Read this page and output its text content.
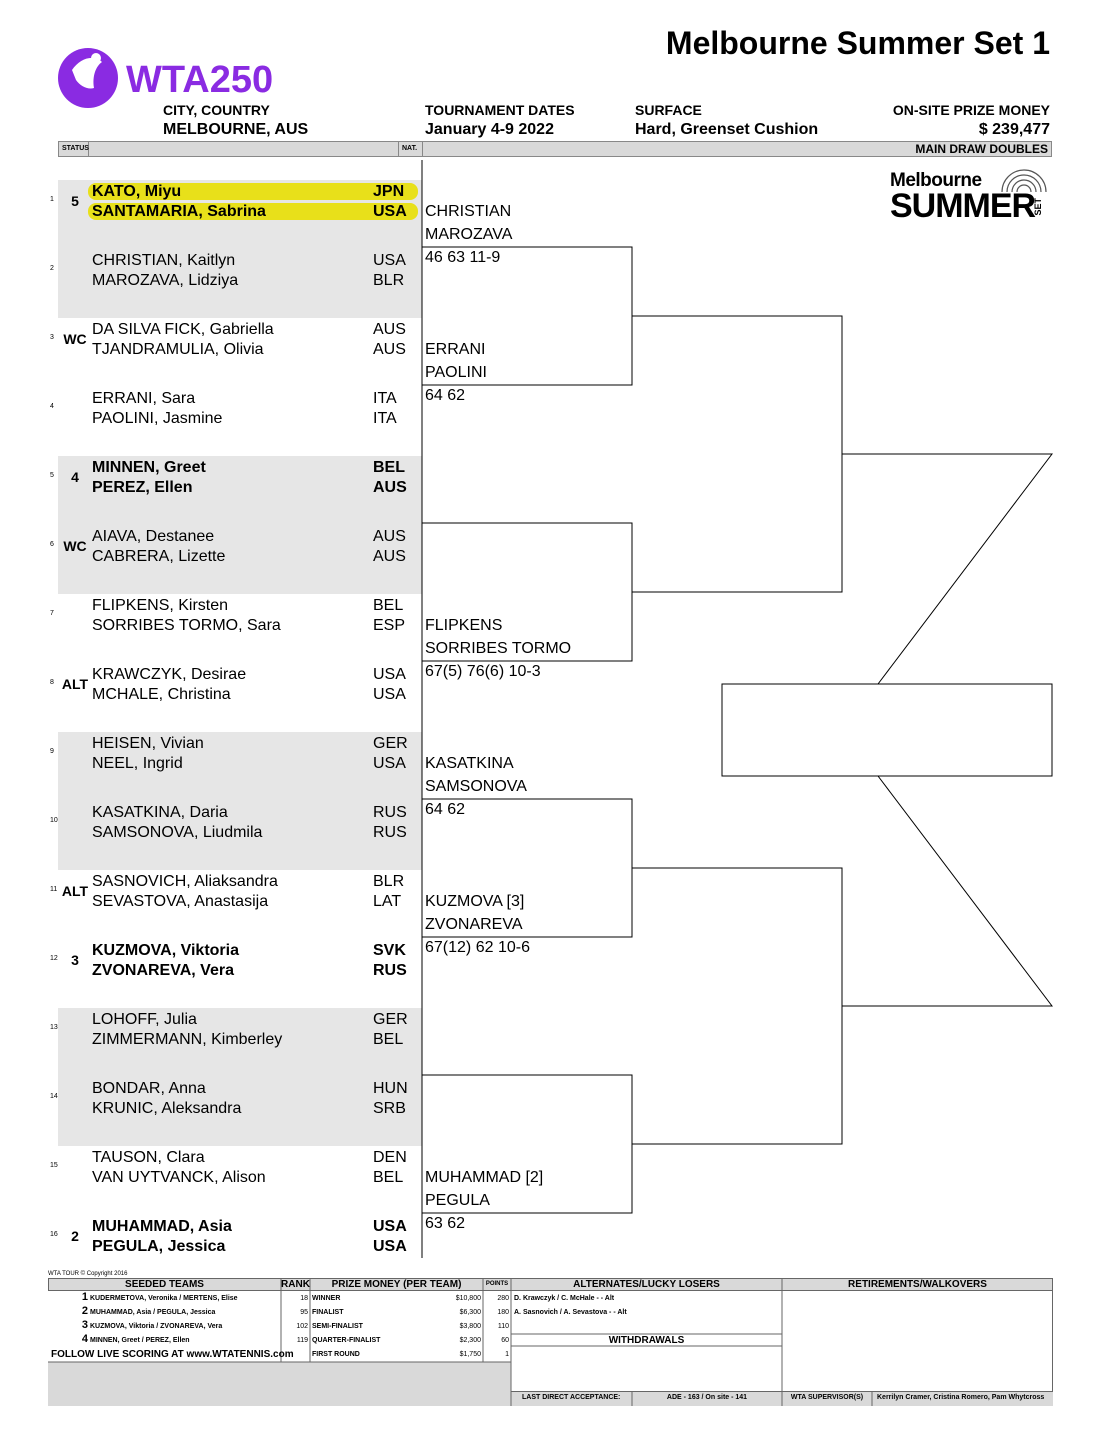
WTA250
Melbourne Summer Set 1
CITY, COUNTRY
MELBOURNE, AUS
TOURNAMENT DATES
January 4-9 2022
SURFACE
Hard, Greenset Cushion
ON-SITE PRIZE MONEY
$ 239,477
STATUS	NAT.	MAIN DRAW DOUBLES
Melbourne
SUMMER
SET
1	5
KATO, Miyu	JPN
SANTAMARIA, Sabrina	USA
2 CHRISTIAN, Kaitlyn	USA
MAROZAVA, Lidziya	BLR
3 WC
DA SILVA FICK, Gabriella	AUS
TJANDRAMULIA, Olivia	AUS
4 ERRANI, Sara	ITA
PAOLINI, Jasmine	ITA
5	4
MINNEN, Greet	BEL
PEREZ, Ellen	AUS
6 WC
AIAVA, Destanee	AUS
CABRERA, Lizette	AUS
7 FLIPKENS, Kirsten	BEL
SORRIBES TORMO, Sara	ESP
8 ALT
KRAWCZYK, Desirae	USA
MCHALE, Christina	USA
9 HEISEN, Vivian	GER
NEEL, Ingrid	USA
10 KASATKINA, Daria	RUS
SAMSONOVA, Liudmila	RUS
11 ALT
SASNOVICH, Aliaksandra	BLR
SEVASTOVA, Anastasija	LAT
12 3
KUZMOVA, Viktoria	SVK
ZVONAREVA, Vera	RUS
13 LOHOFF, Julia	GER
ZIMMERMANN, Kimberley	BEL
14 BONDAR, Anna	HUN
KRUNIC, Aleksandra	SRB
15 TAUSON, Clara	DEN
VAN UYTVANCK, Alison	BEL
16 2
MUHAMMAD, Asia	USA
PEGULA, Jessica	USA
CHRISTIAN
MAROZAVA
46 63 11-9
ERRANI
PAOLINI
64 62
FLIPKENS
SORRIBES TORMO
67(5) 76(6) 10-3
KASATKINA
SAMSONOVA
64 62
KUZMOVA [3]
ZVONAREVA
67(12) 62 10-6
MUHAMMAD [2]
PEGULA
63 62
WTA TOUR © Copyright 2016
SEEDED TEAMS	RANK	PRIZE MONEY (PER TEAM)	POINTS	ALTERNATES/LUCKY LOSERS	RETIREMENTS/WALKOVERS
WITHDRAWALS
1 KUDERMETOVA, Veronika / MERTENS, Elise	18
2 MUHAMMAD, Asia / PEGULA, Jessica	95
3 KUZMOVA, Viktoria / ZVONAREVA, Vera	102
4 MINNEN, Greet / PEREZ, Ellen	119
WINNER	$10,800	280
FINALIST	$6,300	180
SEMI-FINALIST	$3,800	110
QUARTER-FINALIST	$2,300	60
FIRST ROUND	$1,750	1
D. Krawczyk / C. McHale - - Alt
A. Sasnovich / A. Sevastova - - Alt
FOLLOW LIVE SCORING AT www.WTATENNIS.com
LAST DIRECT ACCEPTANCE:	ADE - 163 / On site - 141	WTA SUPERVISOR(S)	Kerrilyn Cramer, Cristina Romero, Pam Whytcross
